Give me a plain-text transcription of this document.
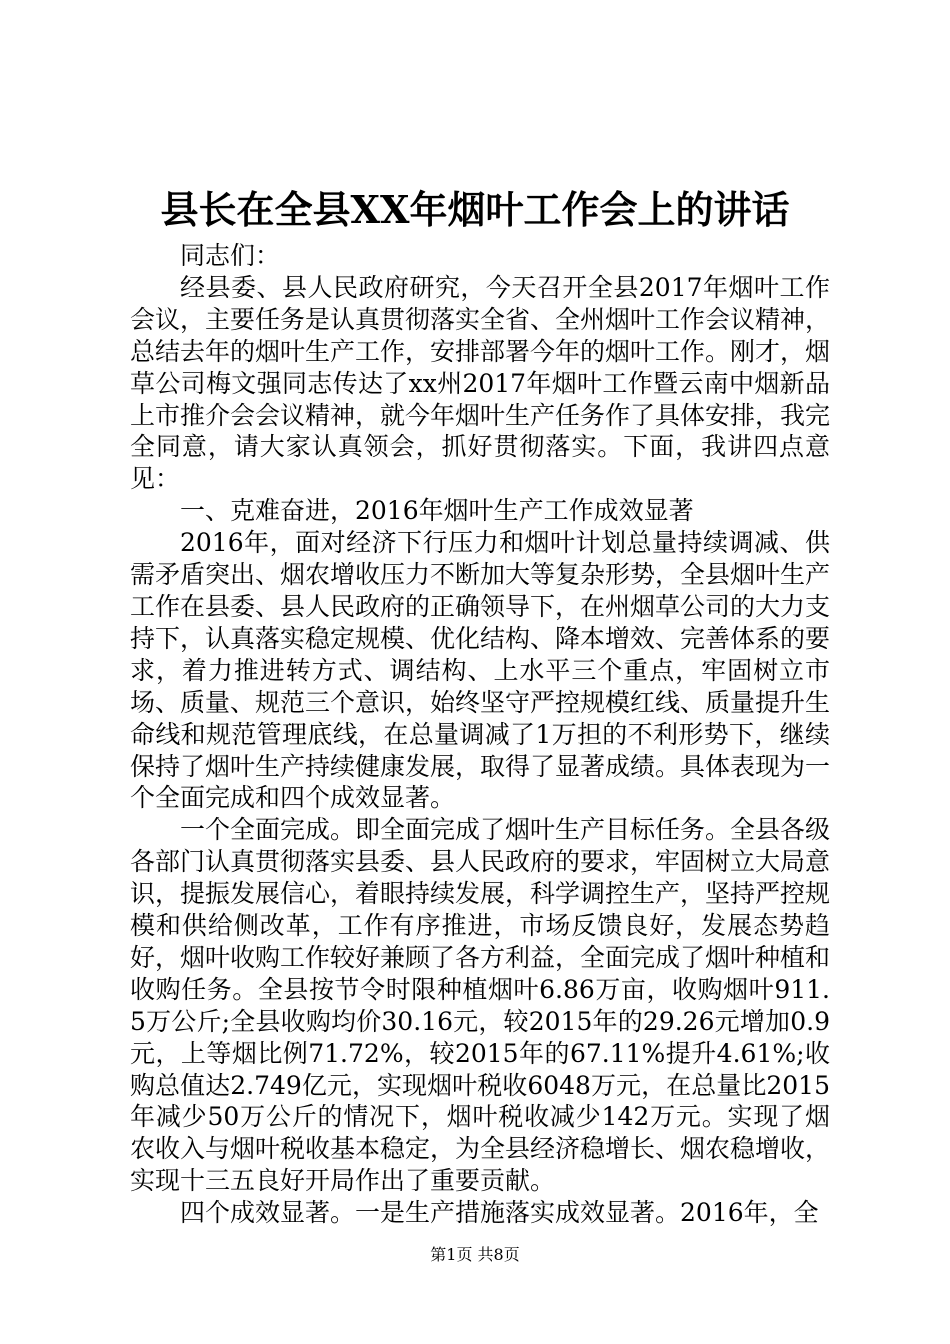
县长在全县XX年烟叶工作会上的讲话

同志们：

经县委、县人民政府研究，今天召开全县2017年烟叶工作会议，主要任务是认真贯彻落实全省、全州烟叶工作会议精神，总结去年的烟叶生产工作，安排部署今年的烟叶工作。刚才，烟草公司梅文强同志传达了xx州2017年烟叶工作暨云南中烟新品上市推介会会议精神，就今年烟叶生产任务作了具体安排，我完全同意，请大家认真领会，抓好贯彻落实。下面，我讲四点意见：

一、克难奋进，2016年烟叶生产工作成效显著

2016年，面对经济下行压力和烟叶计划总量持续调减、供需矛盾突出、烟农增收压力不断加大等复杂形势，全县烟叶生产工作在县委、县人民政府的正确领导下，在州烟草公司的大力支持下，认真落实稳定规模、优化结构、降本增效、完善体系的要求，着力推进转方式、调结构、上水平三个重点，牢固树立市场、质量、规范三个意识，始终坚守严控规模红线、质量提升生命线和规范管理底线，在总量调减了1万担的不利形势下，继续保持了烟叶生产持续健康发展，取得了显著成绩。具体表现为一个全面完成和四个成效显著。

一个全面完成。即全面完成了烟叶生产目标任务。全县各级各部门认真贯彻落实县委、县人民政府的要求，牢固树立大局意识，提振发展信心，着眼持续发展，科学调控生产，坚持严控规模和供给侧改革，工作有序推进，市场反馈良好，发展态势趋好，烟叶收购工作较好兼顾了各方利益，全面完成了烟叶种植和收购任务。全县按节令时限种植烟叶6.86万亩，收购烟叶911.5万公斤;全县收购均价30.16元，较2015年的29.26元增加0.9元，上等烟比例71.72%，较2015年的67.11%提升4.61%;收购总值达2.749亿元，实现烟叶税收6048万元，在总量比2015年减少50万公斤的情况下，烟叶税收减少142万元。实现了烟农收入与烟叶税收基本稳定，为全县经济稳增长、烟农稳增收，实现十三五良好开局作出了重要贡献。

四个成效显著。一是生产措施落实成效显著。2016年，全

第1页 共8页
